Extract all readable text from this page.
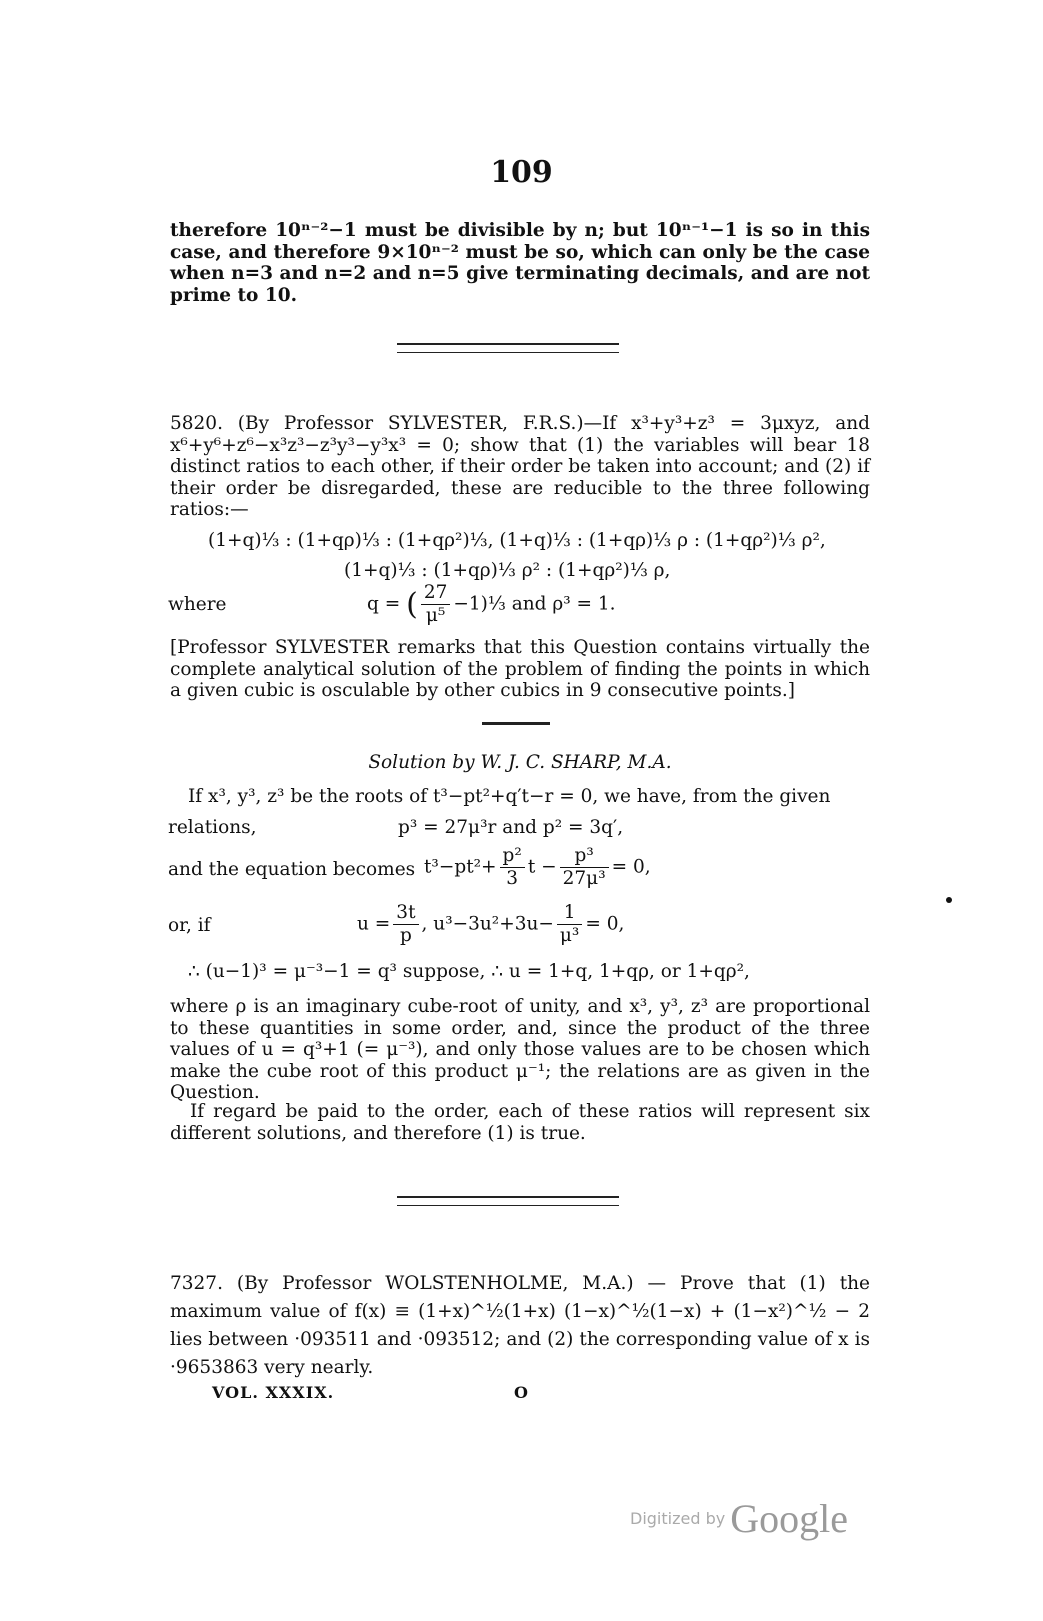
109
therefore 10ⁿ⁻²−1 must be divisible by n; but 10ⁿ⁻¹−1 is so in this case, and therefore 9×10ⁿ⁻² must be so, which can only be the case when n=3 and n=2 and n=5 give terminating decimals, and are not prime to 10.
5820. (By Professor SYLVESTER, F.R.S.)—If x³+y³+z³ = 3μxyz, and x⁶+y⁶+z⁶−x³z³−z³y³−y³x³ = 0; show that (1) the variables will bear 18 distinct ratios to each other, if their order be taken into account; and (2) if their order be disregarded, these are reducible to the three following ratios:—
(1+q)⅓ : (1+qρ)⅓ : (1+qρ²)⅓, (1+q)⅓ : (1+qρ)⅓ ρ : (1+qρ²)⅓ ρ²,
(1+q)⅓ : (1+qρ)⅓ ρ² : (1+qρ²)⅓ ρ,
where	q = ( $\frac{27}{\text{μ⁵}}$ −1)⅓ and ρ³ = 1.
[Professor SYLVESTER remarks that this Question contains virtually the complete analytical solution of the problem of finding the points in which a given cubic is osculable by other cubics in 9 consecutive points.]
Solution by W. J. C. SHARP, M.A.
If x³, y³, z³ be the roots of t³−pt²+q′t−r = 0, we have, from the given
relations,	p³ = 27μ³r and p² = 3q′,
and the equation becomes $t^3-pt^2+ \frac{\text{p²}}{3}$ $t - \frac{\text{p³}}{\text{27μ³}} = 0$,
or, if	$u = \frac{3t}{p}$ , $u^3-3u^2+3u- \frac{1}{\text{μ³}} = 0$,
∴ (u−1)³ = μ⁻³−1 = q³ suppose, ∴ u = 1+q, 1+qρ, or 1+qρ²,
where ρ is an imaginary cube-root of unity, and x³, y³, z³ are proportional to these quantities in some order, and, since the product of the three values of u = q³+1 (= μ⁻³), and only those values are to be chosen which make the cube root of this product μ⁻¹; the relations are as given in the Question.
If regard be paid to the order, each of these ratios will represent six different solutions, and therefore (1) is true.
7327. (By Professor WOLSTENHOLME, M.A.) — Prove that (1) the maximum value of f(x) ≡ (1+x)^½(1+x) (1−x)^½(1−x) + (1−x²)^½ − 2 lies between ·093511 and ·093512; and (2) the corresponding value of x is ·9653863 very nearly.
VOL. XXXIX.	O
Digitized by Google
